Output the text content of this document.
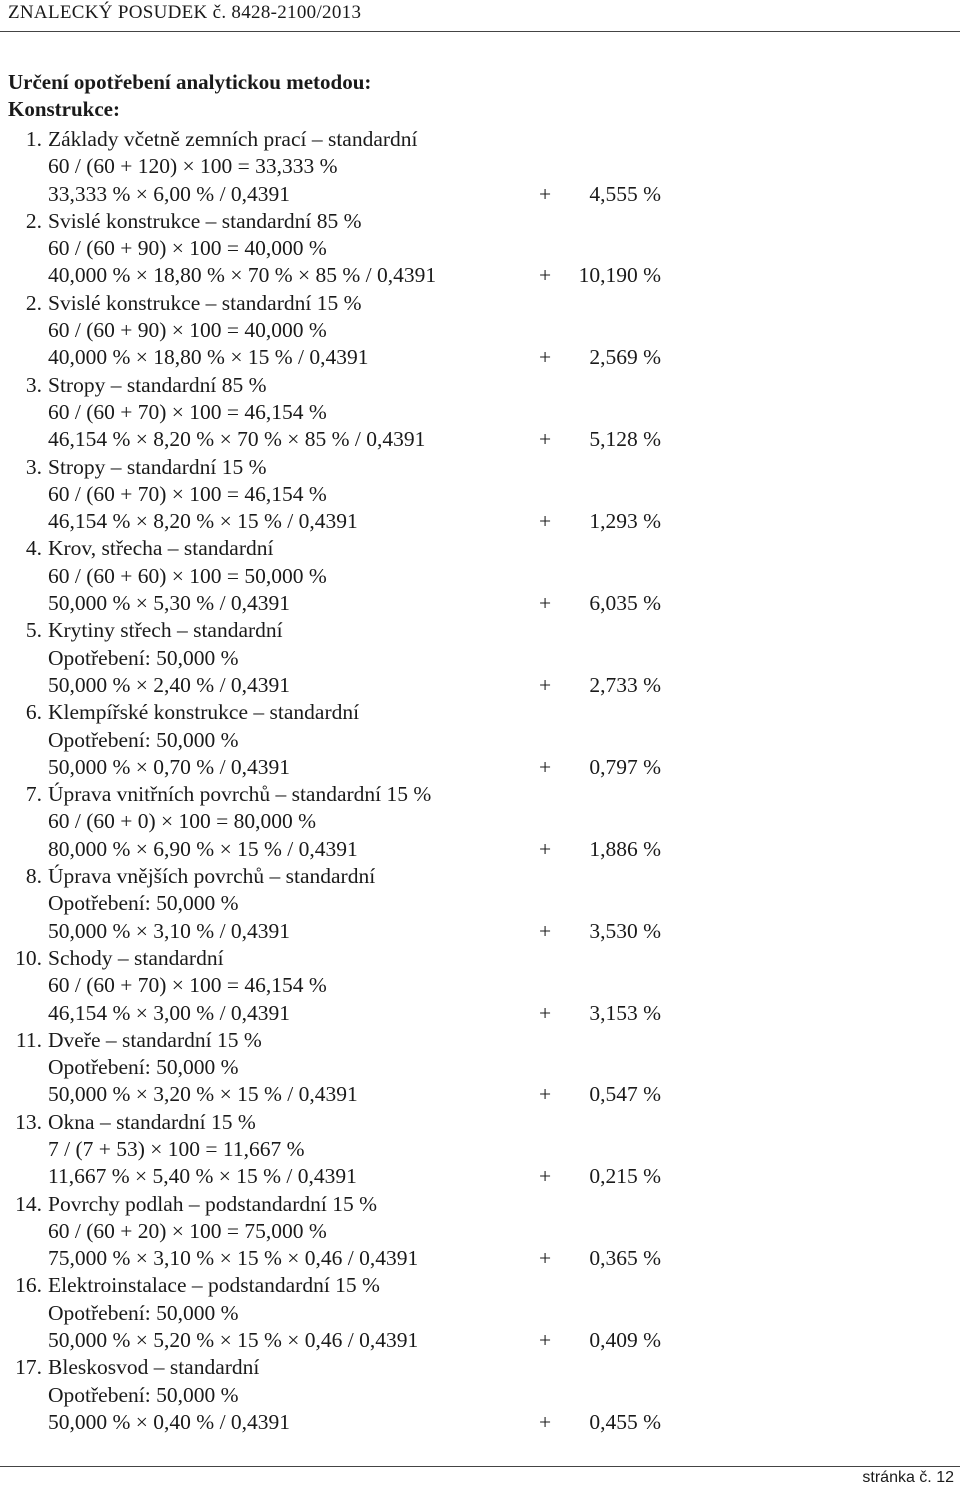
ZNALECKÝ POSUDEK č. 8428-2100/2013
Určení opotřebení analytickou metodou:
Konstrukce:
1. Základy včetně zemních prací – standardní
60 / (60 + 120) × 100 = 33,333 %
33,333 % × 6,00 % / 0,4391	+	4,555 %
2. Svislé konstrukce – standardní 85 %
60 / (60 + 90) × 100 = 40,000 %
40,000 % × 18,80 % × 70 % × 85 % / 0,4391	+	10,190 %
2. Svislé konstrukce – standardní 15 %
60 / (60 + 90) × 100 = 40,000 %
40,000 % × 18,80 % × 15 % / 0,4391	+	2,569 %
3. Stropy – standardní 85 %
60 / (60 + 70) × 100 = 46,154 %
46,154 % × 8,20 % × 70 % × 85 % / 0,4391	+	5,128 %
3. Stropy – standardní 15 %
60 / (60 + 70) × 100 = 46,154 %
46,154 % × 8,20 % × 15 % / 0,4391	+	1,293 %
4. Krov, střecha – standardní
60 / (60 + 60) × 100 = 50,000 %
50,000 % × 5,30 % / 0,4391	+	6,035 %
5. Krytiny střech – standardní
Opotřebení: 50,000 %
50,000 % × 2,40 % / 0,4391	+	2,733 %
6. Klempířské konstrukce – standardní
Opotřebení: 50,000 %
50,000 % × 0,70 % / 0,4391	+	0,797 %
7. Úprava vnitřních povrchů – standardní 15 %
60 / (60 + 0) × 100 = 80,000 %
80,000 % × 6,90 % × 15 % / 0,4391	+	1,886 %
8. Úprava vnějších povrchů – standardní
Opotřebení: 50,000 %
50,000 % × 3,10 % / 0,4391	+	3,530 %
10. Schody – standardní
60 / (60 + 70) × 100 = 46,154 %
46,154 % × 3,00 % / 0,4391	+	3,153 %
11. Dveře – standardní 15 %
Opotřebení: 50,000 %
50,000 % × 3,20 % × 15 % / 0,4391	+	0,547 %
13. Okna – standardní 15 %
7 / (7 + 53) × 100 = 11,667 %
11,667 % × 5,40 % × 15 % / 0,4391	+	0,215 %
14. Povrchy podlah – podstandardní 15 %
60 / (60 + 20) × 100 = 75,000 %
75,000 % × 3,10 % × 15 % × 0,46 / 0,4391	+	0,365 %
16. Elektroinstalace – podstandardní 15 %
Opotřebení: 50,000 %
50,000 % × 5,20 % × 15 % × 0,46 / 0,4391	+	0,409 %
17. Bleskosvod – standardní
Opotřebení: 50,000 %
50,000 % × 0,40 % / 0,4391	+	0,455 %
stránka č. 12
